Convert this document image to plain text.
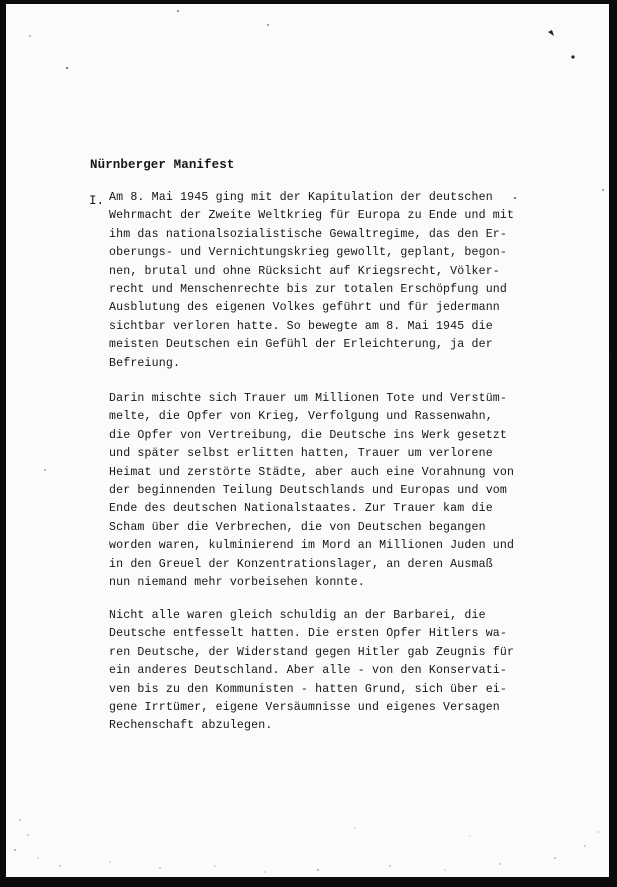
Nürnberger Manifest
I. Am 8. Mai 1945 ging mit der Kapitulation der deutschen
Wehrmacht der Zweite Weltkrieg für Europa zu Ende und mit
ihm das nationalsozialistische Gewaltregime, das den Er-
oberungs- und Vernichtungskrieg gewollt, geplant, begon-
nen, brutal und ohne Rücksicht auf Kriegsrecht, Völker-
recht und Menschenrechte bis zur totalen Erschöpfung und
Ausblutung des eigenen Volkes geführt und für jedermann
sichtbar verloren hatte. So bewegte am 8. Mai 1945 die
meisten Deutschen ein Gefühl der Erleichterung, ja der
Befreiung.
Darin mischte sich Trauer um Millionen Tote und Verstüm-
melte, die Opfer von Krieg, Verfolgung und Rassenwahn,
die Opfer von Vertreibung, die Deutsche ins Werk gesetzt
und später selbst erlitten hatten, Trauer um verlorene
Heimat und zerstörte Städte, aber auch eine Vorahnung von
der beginnenden Teilung Deutschlands und Europas und vom
Ende des deutschen Nationalstaates. Zur Trauer kam die
Scham über die Verbrechen, die von Deutschen begangen
worden waren, kulminierend im Mord an Millionen Juden und
in den Greuel der Konzentrationslager, an deren Ausmaß
nun niemand mehr vorbeisehen konnte.
Nicht alle waren gleich schuldig an der Barbarei, die
Deutsche entfesselt hatten. Die ersten Opfer Hitlers wa-
ren Deutsche, der Widerstand gegen Hitler gab Zeugnis für
ein anderes Deutschland. Aber alle - von den Konservati-
ven bis zu den Kommunisten - hatten Grund, sich über ei-
gene Irrtümer, eigene Versäumnisse und eigenes Versagen
Rechenschaft abzulegen.
